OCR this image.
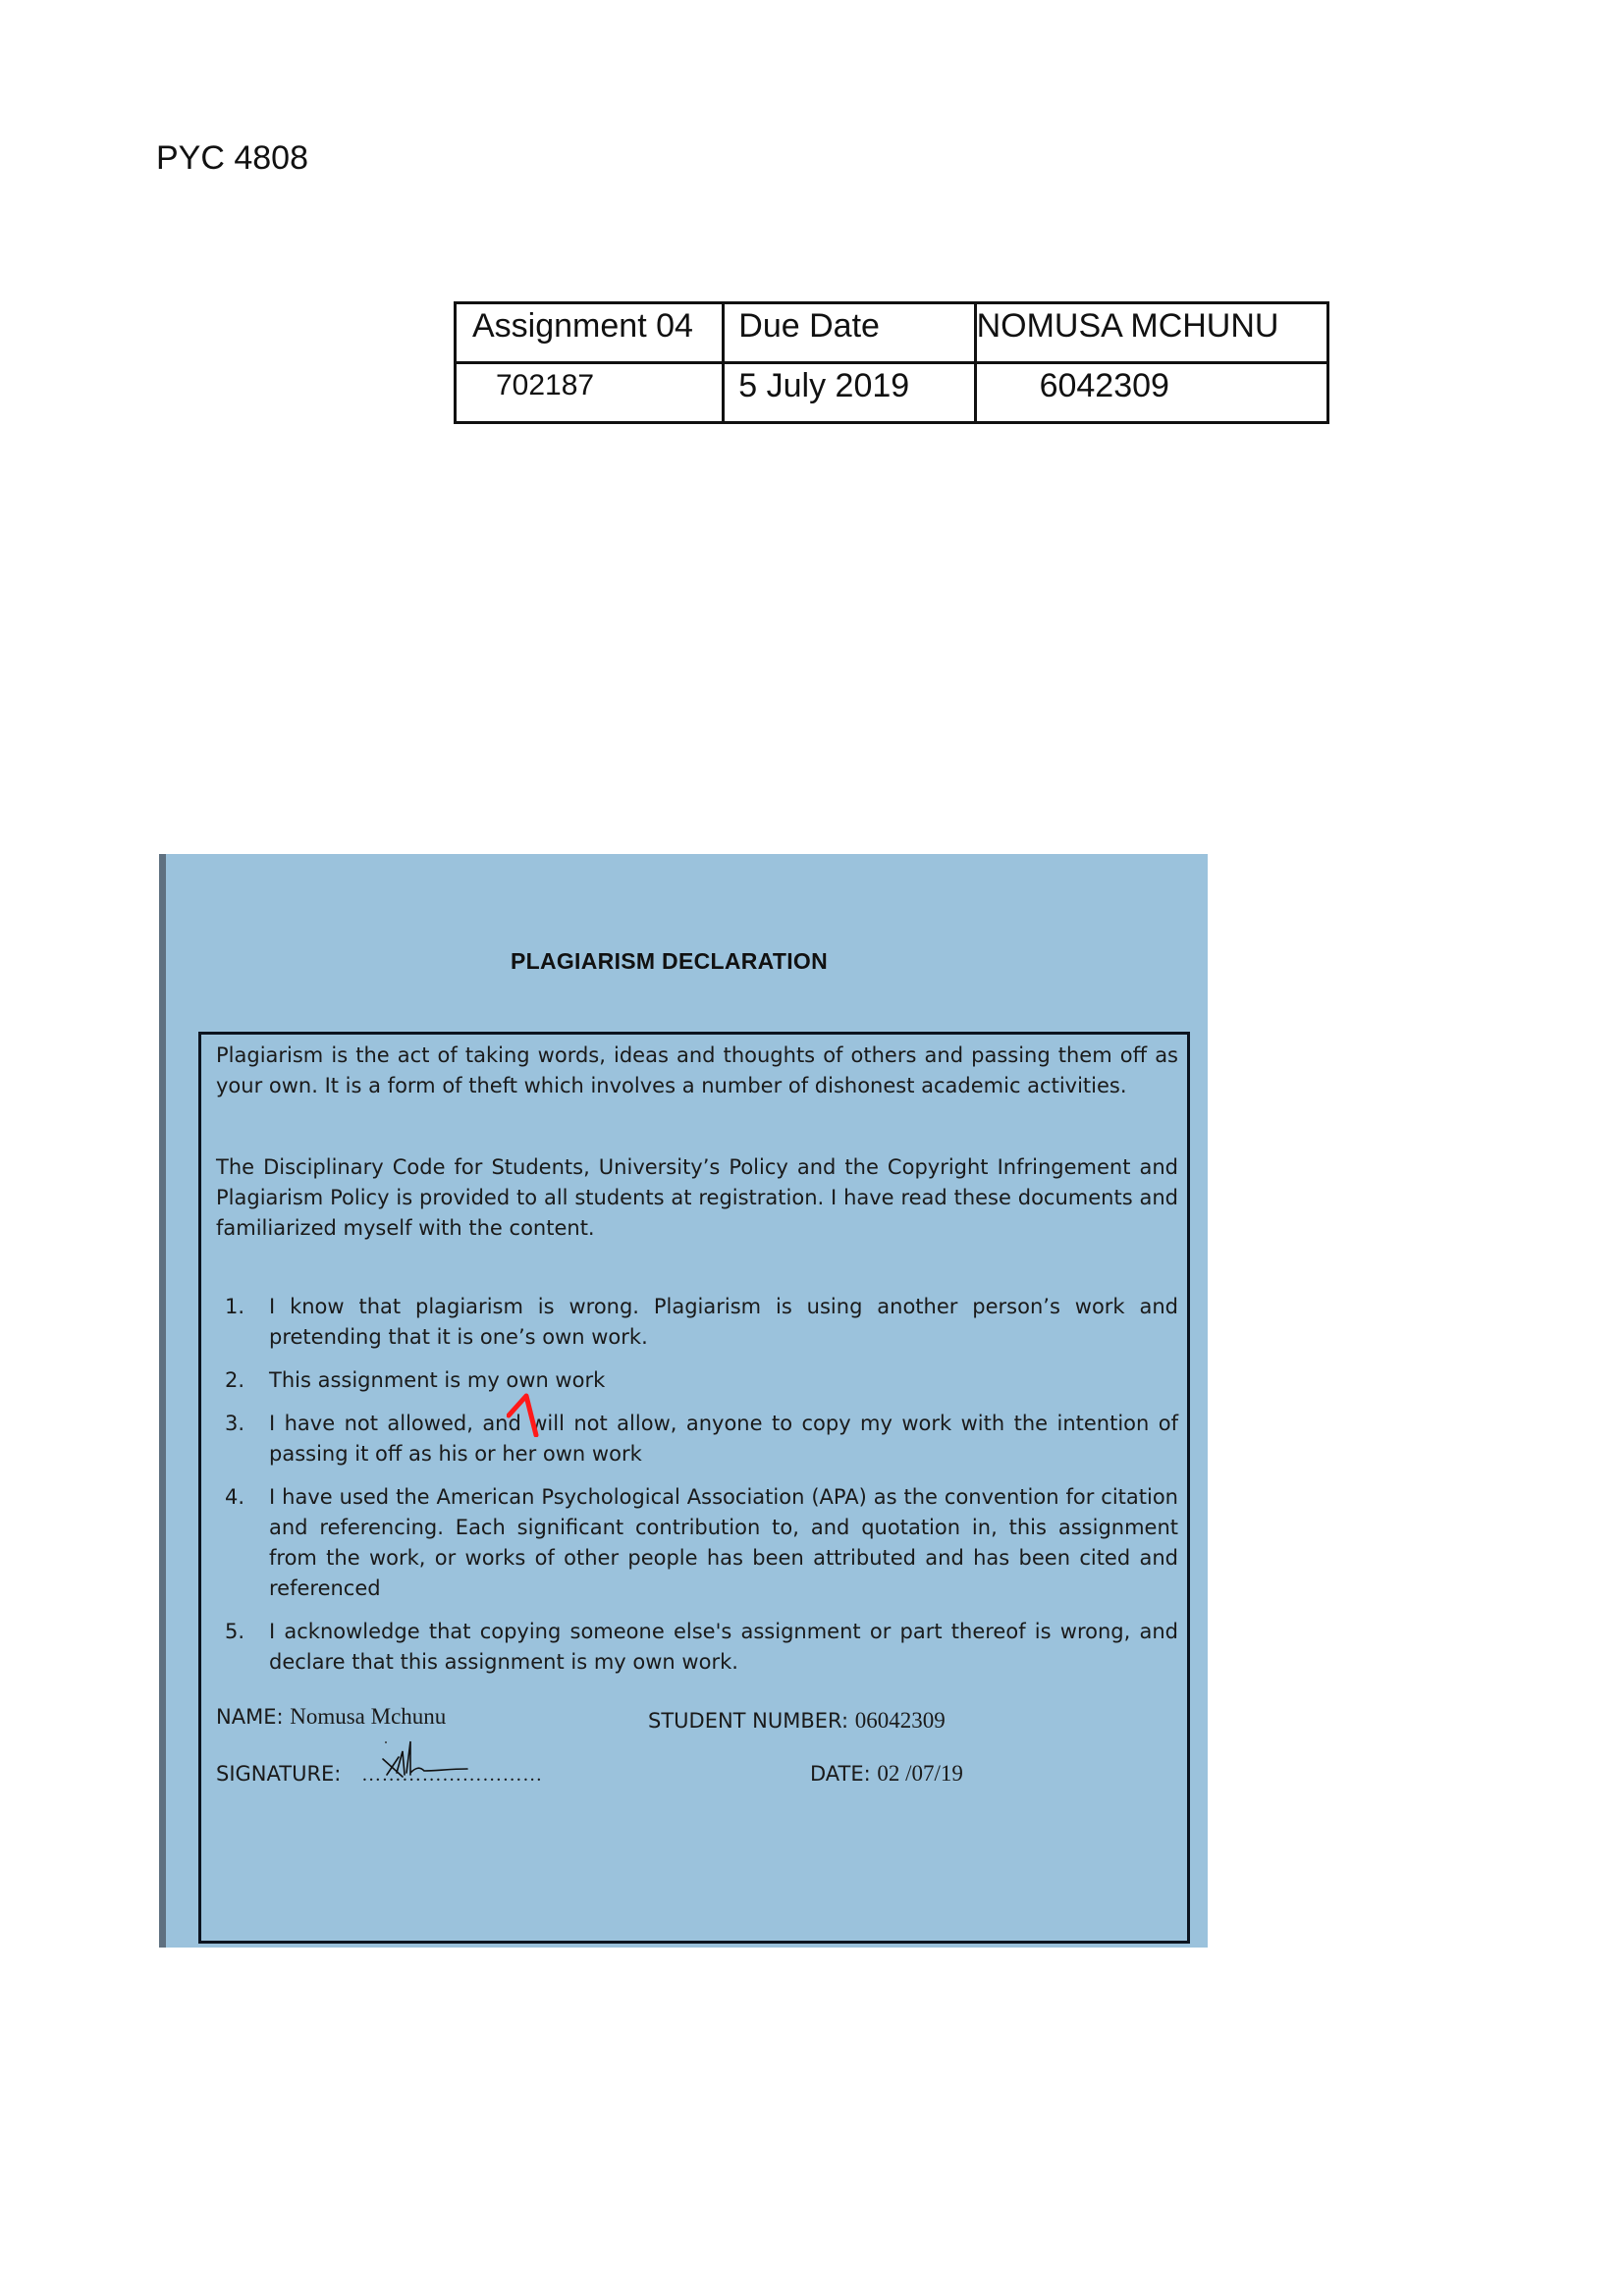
PYC 4808
Assignment 04	Due Date	NOMUSA MCHUNU

702187	5 July 2019	6042309
PLAGIARISM DECLARATION

Plagiarism is the act of taking words, ideas and thoughts of others and passing them off as your own. It is a form of theft which involves a number of dishonest academic activities.

The Disciplinary Code for Students, University’s Policy and the Copyright Infringement and Plagiarism Policy is provided to all students at registration. I have read these documents and familiarized myself with the content.

1. I know that plagiarism is wrong. Plagiarism is using another person’s work and pretending that it is one’s own work.
2. This assignment is my own work
3. I have not allowed, and will not allow, anyone to copy my work with the intention of passing it off as his or her own work
4. I have used the American Psychological Association (APA) as the convention for citation and referencing. Each significant contribution to, and quotation in, this assignment from the work, or works of other people has been attributed and has been cited and referenced
5. I acknowledge that copying someone else's assignment or part thereof is wrong, and declare that this assignment is my own work.
NAME: Nomusa Mchunu	STUDENT NUMBER: 06042309
SIGNATURE: ………………………	DATE: 02 /07/19
